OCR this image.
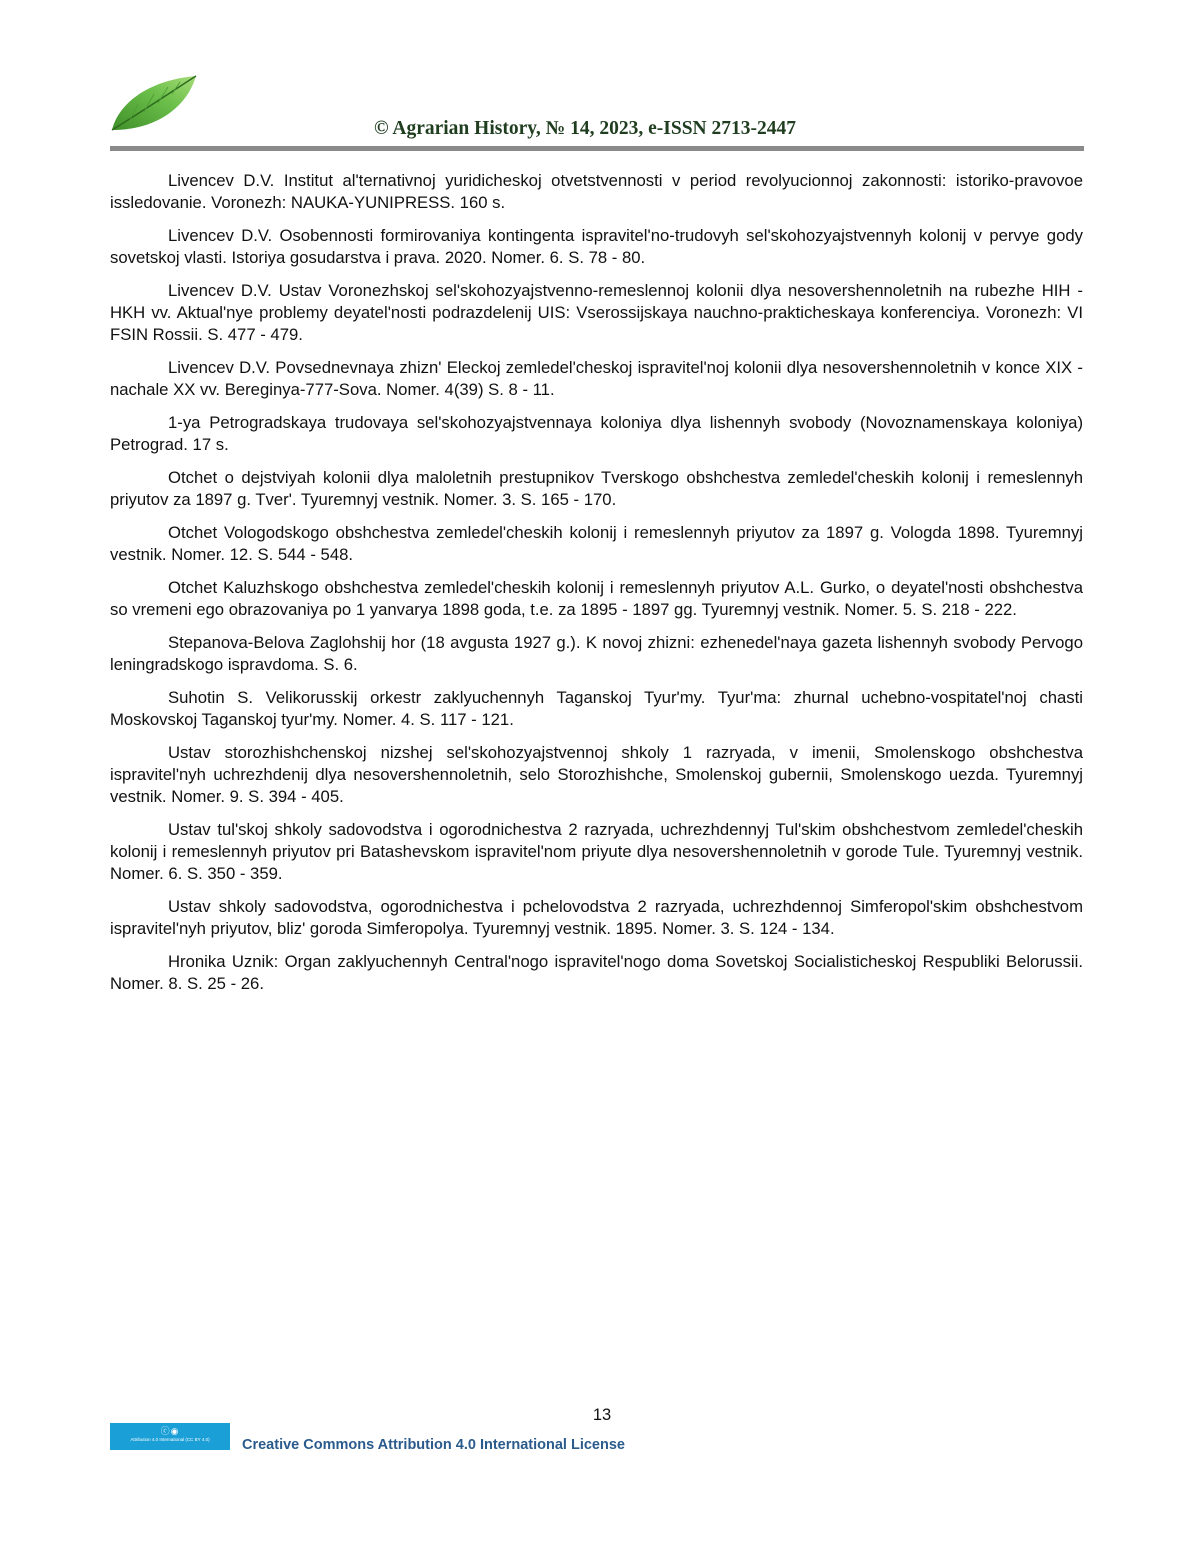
© Agrarian History, № 14, 2023, e-ISSN 2713-2447

Livencev D.V. Institut al'ternativnoj yuridicheskoj otvetstvennosti v period revolyucionnoj zakonnosti: istoriko-pravovoe issledovanie. Voronezh: NAUKA-YUNIPRESS. 160 s.

Livencev D.V. Osobennosti formirovaniya kontingenta ispravitel'no-trudovyh sel'skohozyajstvennyh kolonij v pervye gody sovetskoj vlasti. Istoriya gosudarstva i prava. 2020. Nomer. 6. S. 78 - 80.

Livencev D.V. Ustav Voronezhskoj sel'skohozyajstvenno-remeslennoj kolonii dlya nesovershennoletnih na rubezhe HIH - HKH vv. Aktual'nye problemy deyatel'nosti podrazdelenij UIS: Vserossijskaya nauchno-prakticheskaya konferenciya. Voronezh: VI FSIN Rossii. S. 477 - 479.

Livencev D.V. Povsednevnaya zhizn' Eleckoj zemledel'cheskoj ispravitel'noj kolonii dlya nesovershennoletnih v konce XIX - nachale XX vv. Bereginya-777-Sova. Nomer. 4(39) S. 8 - 11.

1-ya Petrogradskaya trudovaya sel'skohozyajstvennaya koloniya dlya lishennyh svobody (Novoznamenskaya koloniya) Petrograd. 17 s.

Otchet o dejstviyah kolonii dlya maloletnih prestupnikov Tverskogo obshchestva zemledel'cheskih kolonij i remeslennyh priyutov za 1897 g. Tver'. Tyuremnyj vestnik. Nomer. 3. S. 165 - 170.

Otchet Vologodskogo obshchestva zemledel'cheskih kolonij i remeslennyh priyutov za 1897 g. Vologda 1898. Tyuremnyj vestnik. Nomer. 12. S. 544 - 548.

Otchet Kaluzhskogo obshchestva zemledel'cheskih kolonij i remeslennyh priyutov A.L. Gurko, o deyatel'nosti obshchestva so vremeni ego obrazovaniya po 1 yanvarya 1898 goda, t.e. za 1895 - 1897 gg. Tyuremnyj vestnik. Nomer. 5. S. 218 - 222.

Stepanova-Belova Zaglohshij hor (18 avgusta 1927 g.). K novoj zhizni: ezhenedel'naya gazeta lishennyh svobody Pervogo leningradskogo ispravdoma. S. 6.

Suhotin S. Velikorusskij orkestr zaklyuchennyh Taganskoj Tyur'my. Tyur'ma: zhurnal uchebno-vospitatel'noj chasti Moskovskoj Taganskoj tyur'my. Nomer. 4. S. 117 - 121.

Ustav storozhishchenskoj nizshej sel'skohozyajstvennoj shkoly 1 razryada, v imenii, Smolenskogo obshchestva ispravitel'nyh uchrezhdenij dlya nesovershennoletnih, selo Storozhishche, Smolenskoj gubernii, Smolenskogo uezda. Tyuremnyj vestnik. Nomer. 9. S. 394 - 405.

Ustav tul'skoj shkoly sadovodstva i ogorodnichestva 2 razryada, uchrezhdennyj Tul'skim obshchestvom zemledel'cheskih kolonij i remeslennyh priyutov pri Batashevskom ispravitel'nom priyute dlya nesovershennoletnih v gorode Tule. Tyuremnyj vestnik. Nomer. 6. S. 350 - 359.

Ustav shkoly sadovodstva, ogorodnichestva i pchelovodstva 2 razryada, uchrezhdennoj Simferopol'skim obshchestvom ispravitel'nyh priyutov, bliz' goroda Simferopolya. Tyuremnyj vestnik. 1895. Nomer. 3. S. 124 - 134.

Hronika Uznik: Organ zaklyuchennyh Central'nogo ispravitel'nogo doma Sovetskoj Socialisticheskoj Respubliki Belorussii. Nomer. 8. S. 25 - 26.

13
ⓒ◉
Attribution 4.0 International (CC BY 4.0)	Creative Commons Attribution 4.0 International License
